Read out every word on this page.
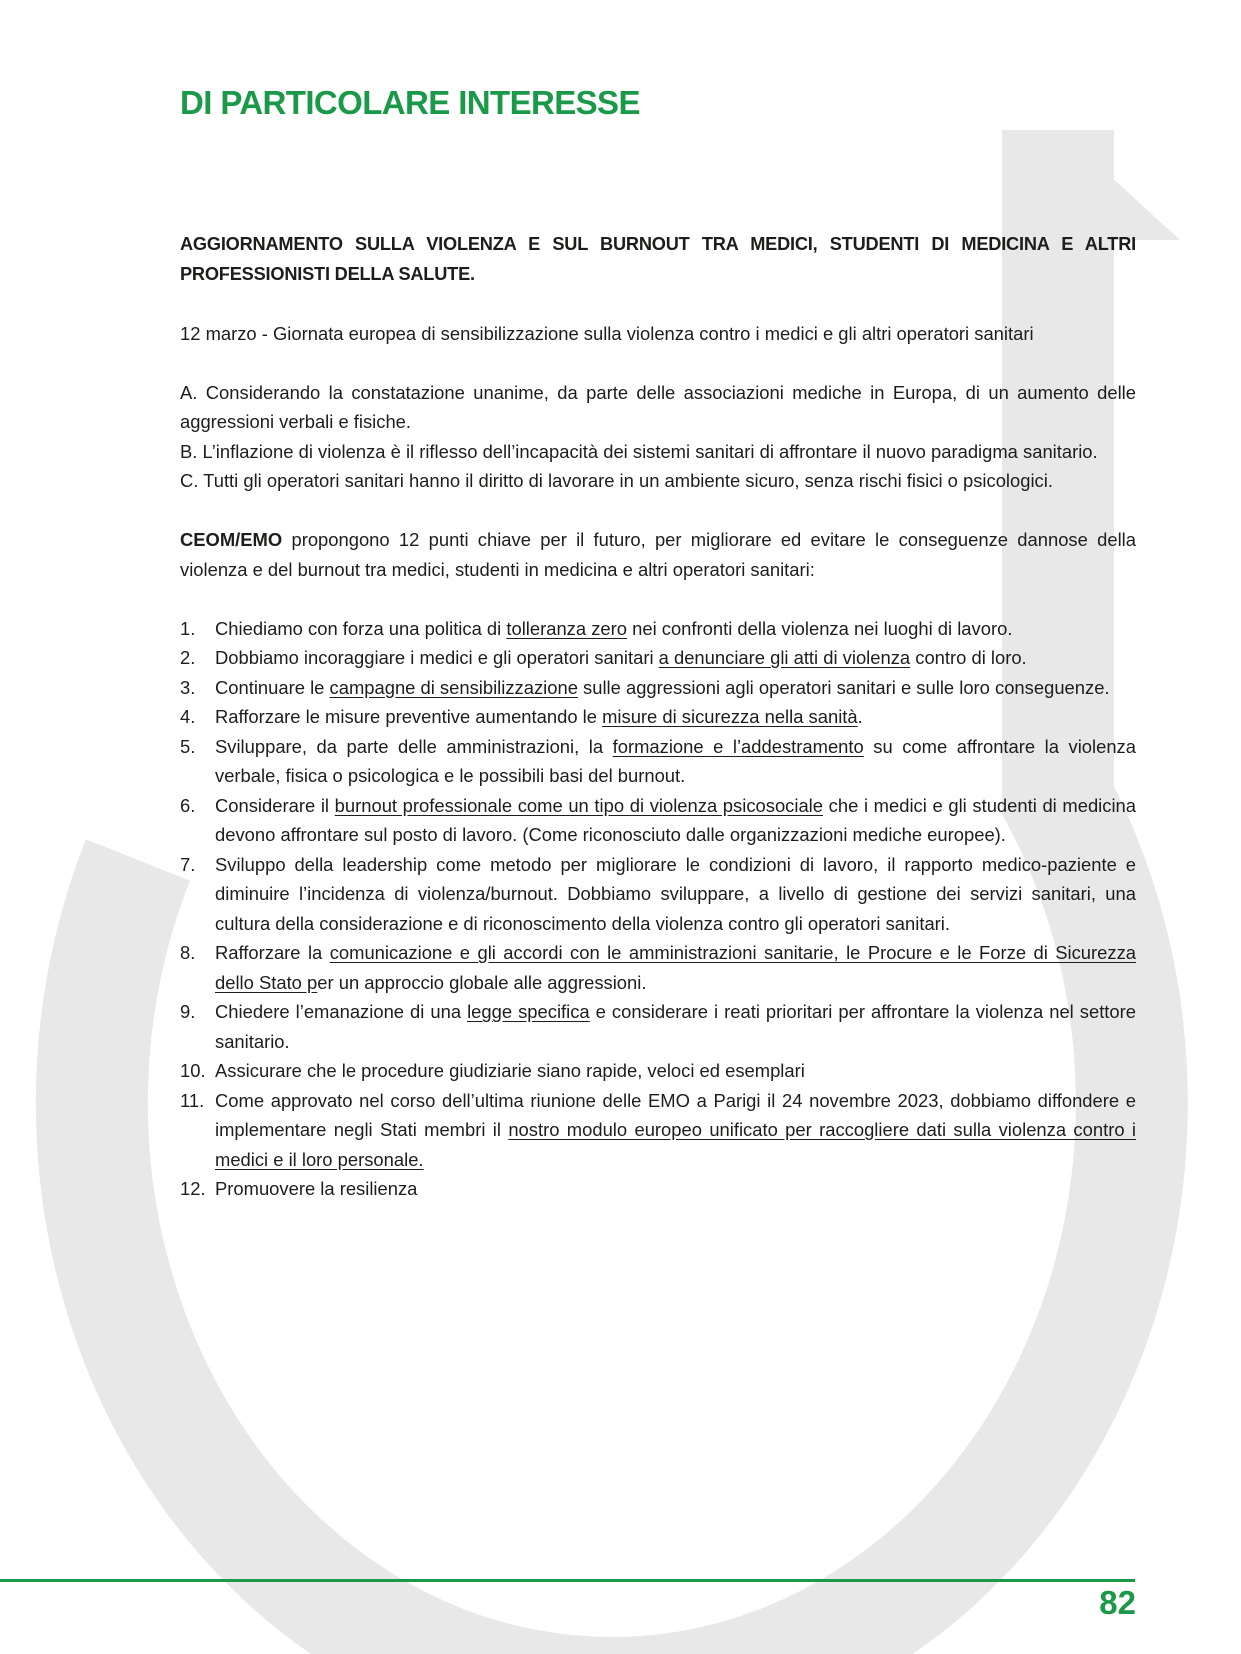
DI PARTICOLARE INTERESSE

AGGIORNAMENTO SULLA VIOLENZA E SUL BURNOUT TRA MEDICI, STUDENTI DI MEDICINA E ALTRI PROFESSIONISTI DELLA SALUTE.

12 marzo - Giornata europea di sensibilizzazione sulla violenza contro i medici e gli altri operatori sanitari

A. Considerando la constatazione unanime, da parte delle associazioni mediche in Europa, di un aumento delle aggressioni verbali e fisiche.

B. L’inflazione di violenza è il riflesso dell’incapacità dei sistemi sanitari di affrontare il nuovo paradigma sanitario.

C. Tutti gli operatori sanitari hanno il diritto di lavorare in un ambiente sicuro, senza rischi fisici o psicologici.

CEOM/EMO propongono 12 punti chiave per il futuro, per migliorare ed evitare le conseguenze dannose della violenza e del burnout tra medici, studenti in medicina e altri operatori sanitari:

1. Chiediamo con forza una politica di tolleranza zero nei confronti della violenza nei luoghi di lavoro.
2. Dobbiamo incoraggiare i medici e gli operatori sanitari a denunciare gli atti di violenza contro di loro.
3. Continuare le campagne di sensibilizzazione sulle aggressioni agli operatori sanitari e sulle loro conseguenze.
4. Rafforzare le misure preventive aumentando le misure di sicurezza nella sanità.
5. Sviluppare, da parte delle amministrazioni, la formazione e l’addestramento su come affrontare la violenza verbale, fisica o psicologica e le possibili basi del burnout.
6. Considerare il burnout professionale come un tipo di violenza psicosociale che i medici e gli studenti di medicina devono affrontare sul posto di lavoro. (Come riconosciuto dalle organizzazioni mediche europee).
7. Sviluppo della leadership come metodo per migliorare le condizioni di lavoro, il rapporto medico-paziente e diminuire l’incidenza di violenza/burnout. Dobbiamo sviluppare, a livello di gestione dei servizi sanitari, una cultura della considerazione e di riconoscimento della violenza contro gli operatori sanitari.
8. Rafforzare la comunicazione e gli accordi con le amministrazioni sanitarie, le Procure e le Forze di Sicurezza dello Stato per un approccio globale alle aggressioni.
9. Chiedere l’emanazione di una legge specifica e considerare i reati prioritari per affrontare la violenza nel settore sanitario.
10. Assicurare che le procedure giudiziarie siano rapide, veloci ed esemplari
11. Come approvato nel corso dell’ultima riunione delle EMO a Parigi il 24 novembre 2023, dobbiamo diffondere e implementare negli Stati membri il nostro modulo europeo unificato per raccogliere dati sulla violenza contro i medici e il loro personale.
12. Promuovere la resilienza
82
